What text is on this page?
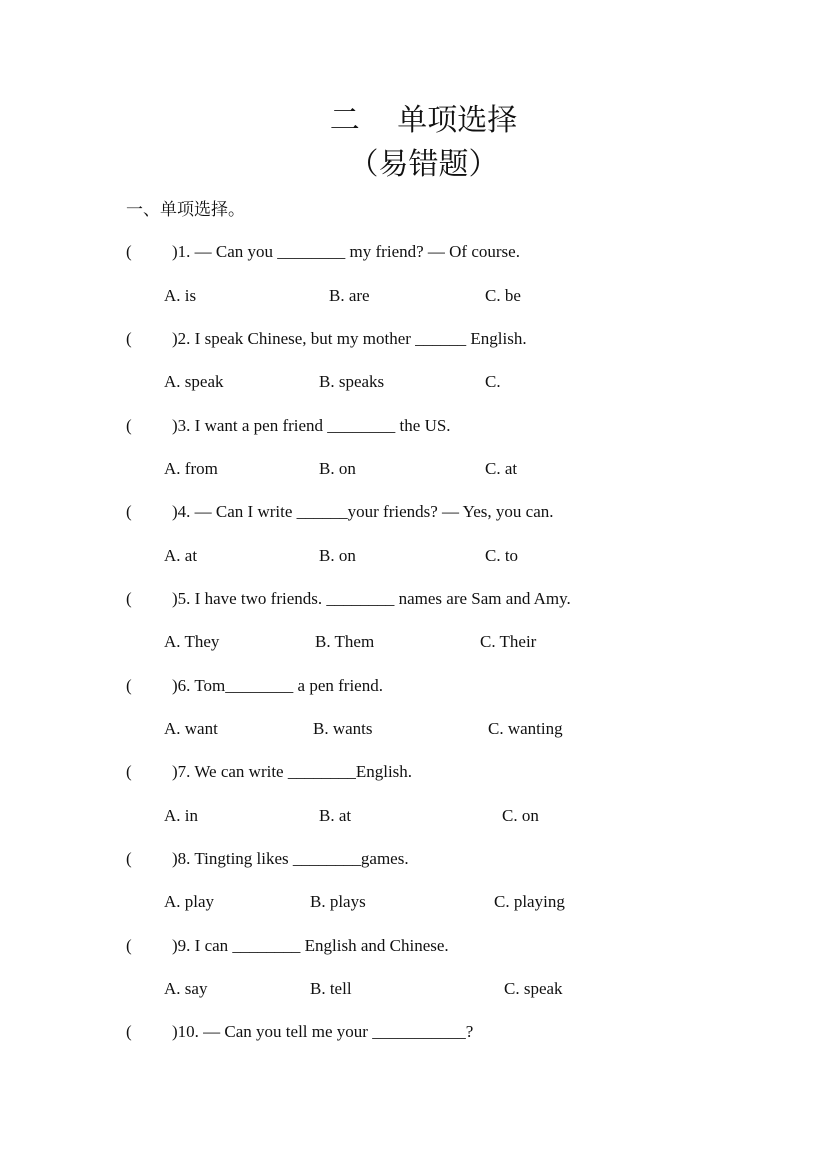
二 　单项选择
（易错题）
一、单项选择。
( )1. — Can you ________ my friend? — Of course.
A. is	B. are	C. be
( )2. I speak Chinese, but my mother ______ English.
A. speak	B. speaks	C.
( )3. I want a pen friend ________ the US.
A. from	B. on	C. at
( )4. — Can I write ______your friends? — Yes, you can.
A. at	B. on	C. to
( )5. I have two friends. ________ names are Sam and Amy.
A. They	B. Them	C. Their
( )6. Tom________ a pen friend.
A. want	B. wants	C. wanting
( )7. We can write ________English.
A. in	B. at	C. on
( )8. Tingting likes ________games.
A. play	B. plays	C. playing
( )9. I can ________ English and Chinese.
A. say	B. tell	C. speak
( )10. — Can you tell me your ___________?
